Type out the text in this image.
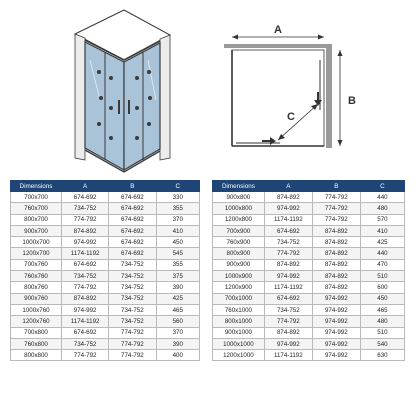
A
B
C
Dimensions	A	B	C
700x700	674-692	674-692	330
760x700	734-752	674-692	355
800x700	774-792	674-692	370
900x700	874-892	674-692	410
1000x700	974-992	674-692	450
1200x700	1174-1192	674-692	545
700x760	674-692	734-752	355
760x760	734-752	734-752	375
800x760	774-792	734-752	390
900x760	874-892	734-752	425
1000x760	974-992	734-752	465
1200x760	1174-1192	734-752	560
700x800	674-692	774-792	370
760x800	734-752	774-792	390
800x800	774-792	774-792	400
Dimensions	A	B	C
900x800	874-892	774-792	440
1000x800	974-992	774-792	480
1200x800	1174-1192	774-792	570
700x900	674-692	874-892	410
760x900	734-752	874-892	425
800x900	774-792	874-892	440
900x900	874-892	874-892	470
1000x900	974-992	874-892	510
1200x900	1174-1192	874-892	600
700x1000	674-692	974-992	450
760x1000	734-752	974-992	465
800x1000	774-792	974-992	480
900x1000	874-892	974-992	510
1000x1000	974-992	974-992	540
1200x1000	1174-1192	974-992	630
